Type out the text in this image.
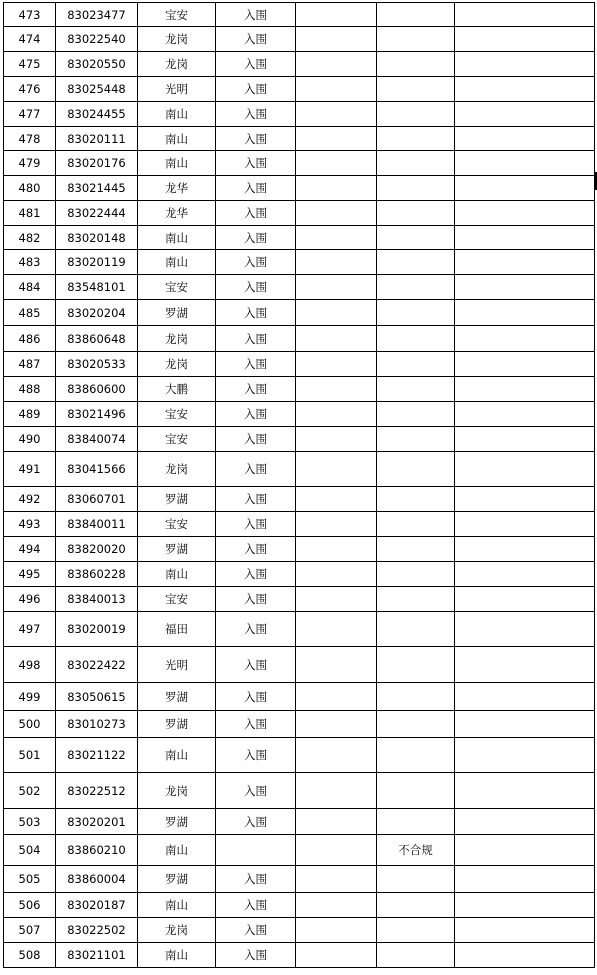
473	83023477	宝安	入围			
474	83022540	龙岗	入围			
475	83020550	龙岗	入围			
476	83025448	光明	入围			
477	83024455	南山	入围			
478	83020111	南山	入围			
479	83020176	南山	入围			
480	83021445	龙华	入围			
481	83022444	龙华	入围			
482	83020148	南山	入围			
483	83020119	南山	入围			
484	83548101	宝安	入围			
485	83020204	罗湖	入围			
486	83860648	龙岗	入围			
487	83020533	龙岗	入围			
488	83860600	大鹏	入围			
489	83021496	宝安	入围			
490	83840074	宝安	入围			
491	83041566	龙岗	入围			
492	83060701	罗湖	入围			
493	83840011	宝安	入围			
494	83820020	罗湖	入围			
495	83860228	南山	入围			
496	83840013	宝安	入围			
497	83020019	福田	入围			
498	83022422	光明	入围			
499	83050615	罗湖	入围			
500	83010273	罗湖	入围			
501	83021122	南山	入围			
502	83022512	龙岗	入围			
503	83020201	罗湖	入围			
504	83860210	南山			不合规	
505	83860004	罗湖	入围			
506	83020187	南山	入围			
507	83022502	龙岗	入围			
508	83021101	南山	入围			
